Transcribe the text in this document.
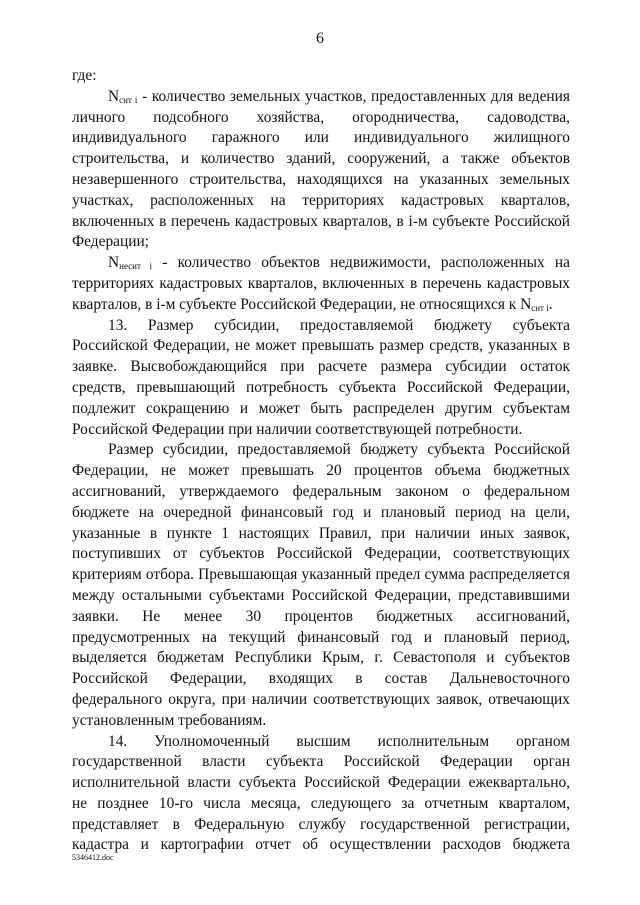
6
где:
$N_{снт i}$ - количество земельных участков, предоставленных для ведения
личного подсобного хозяйства, огородничества, садоводства,
индивидуального гаражного или индивидуального жилищного
строительства, и количество зданий, сооружений, а также объектов
незавершенного строительства, находящихся на указанных земельных
участках, расположенных на территориях кадастровых кварталов,
включенных в перечень кадастровых кварталов, в i-м субъекте Российской
Федерации;
$N_{несит i}$ - количество объектов недвижимости, расположенных на
территориях кадастровых кварталов, включенных в перечень кадастровых
кварталов, в i-м субъекте Российской Федерации, не относящихся к $N_{снт i}$.
13. Размер субсидии, предоставляемой бюджету субъекта
Российской Федерации, не может превышать размер средств, указанных в
заявке. Высвобождающийся при расчете размера субсидии остаток
средств, превышающий потребность субъекта Российской Федерации,
подлежит сокращению и может быть распределен другим субъектам
Российской Федерации при наличии соответствующей потребности.
Размер субсидии, предоставляемой бюджету субъекта Российской
Федерации, не может превышать 20 процентов объема бюджетных
ассигнований, утверждаемого федеральным законом о федеральном
бюджете на очередной финансовый год и плановый период на цели,
указанные в пункте 1 настоящих Правил, при наличии иных заявок,
поступивших от субъектов Российской Федерации, соответствующих
критериям отбора. Превышающая указанный предел сумма распределяется
между остальными субъектами Российской Федерации, представившими
заявки. Не менее 30 процентов бюджетных ассигнований,
предусмотренных на текущий финансовый год и плановый период,
выделяется бюджетам Республики Крым, г. Севастополя и субъектов
Российской Федерации, входящих в состав Дальневосточного
федерального округа, при наличии соответствующих заявок, отвечающих
установленным требованиям.
14. Уполномоченный высшим исполнительным органом
государственной власти субъекта Российской Федерации орган
исполнительной власти субъекта Российской Федерации ежеквартально,
не позднее 10-го числа месяца, следующего за отчетным кварталом,
представляет в Федеральную службу государственной регистрации,
кадастра и картографии отчет об осуществлении расходов бюджета
5346412.doc
